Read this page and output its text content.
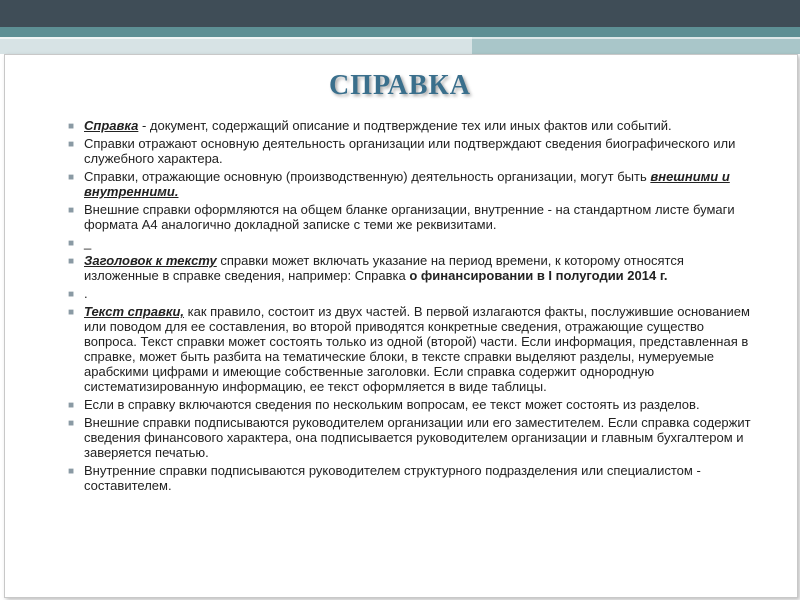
СПРАВКА
■ Справка - документ, содержащий описание и подтверждение тех или иных фактов или событий.
■ Справки отражают основную деятельность организации или подтверждают сведения биографического или служебного характера.
■ Справки, отражающие основную (производственную) деятельность организации, могут быть внешними и внутренними.
■ Внешние справки оформляются на общем бланке организации, внутренние - на стандартном листе бумаги формата А4 аналогично докладной записке с теми же реквизитами.
■ _
■ Заголовок к тексту справки может включать указание на период времени, к которому относятся изложенные в справке сведения, например: Справка о финансировании в I полугодии 2014 г.
■ .
■ Текст справки, как правило, состоит из двух частей. В первой излагаются факты, послужившие основанием или поводом для ее составления, во второй приводятся конкретные сведения, отражающие существо вопроса. Текст справки может состоять только из одной (второй) части. Если информация, представленная в справке, может быть разбита на тематические блоки, в тексте справки выделяют разделы, нумеруемые арабскими цифрами и имеющие собственные заголовки. Если справка содержит однородную систематизированную информацию, ее текст оформляется в виде таблицы.
■ Если в справку включаются сведения по нескольким вопросам, ее текст может состоять из разделов.
■ Внешние справки подписываются руководителем организации или его заместителем. Если справка содержит сведения финансового характера, она подписывается руководителем организации и главным бухгалтером и заверяется печатью.
■ Внутренние справки подписываются руководителем структурного подразделения или специалистом - составителем.
